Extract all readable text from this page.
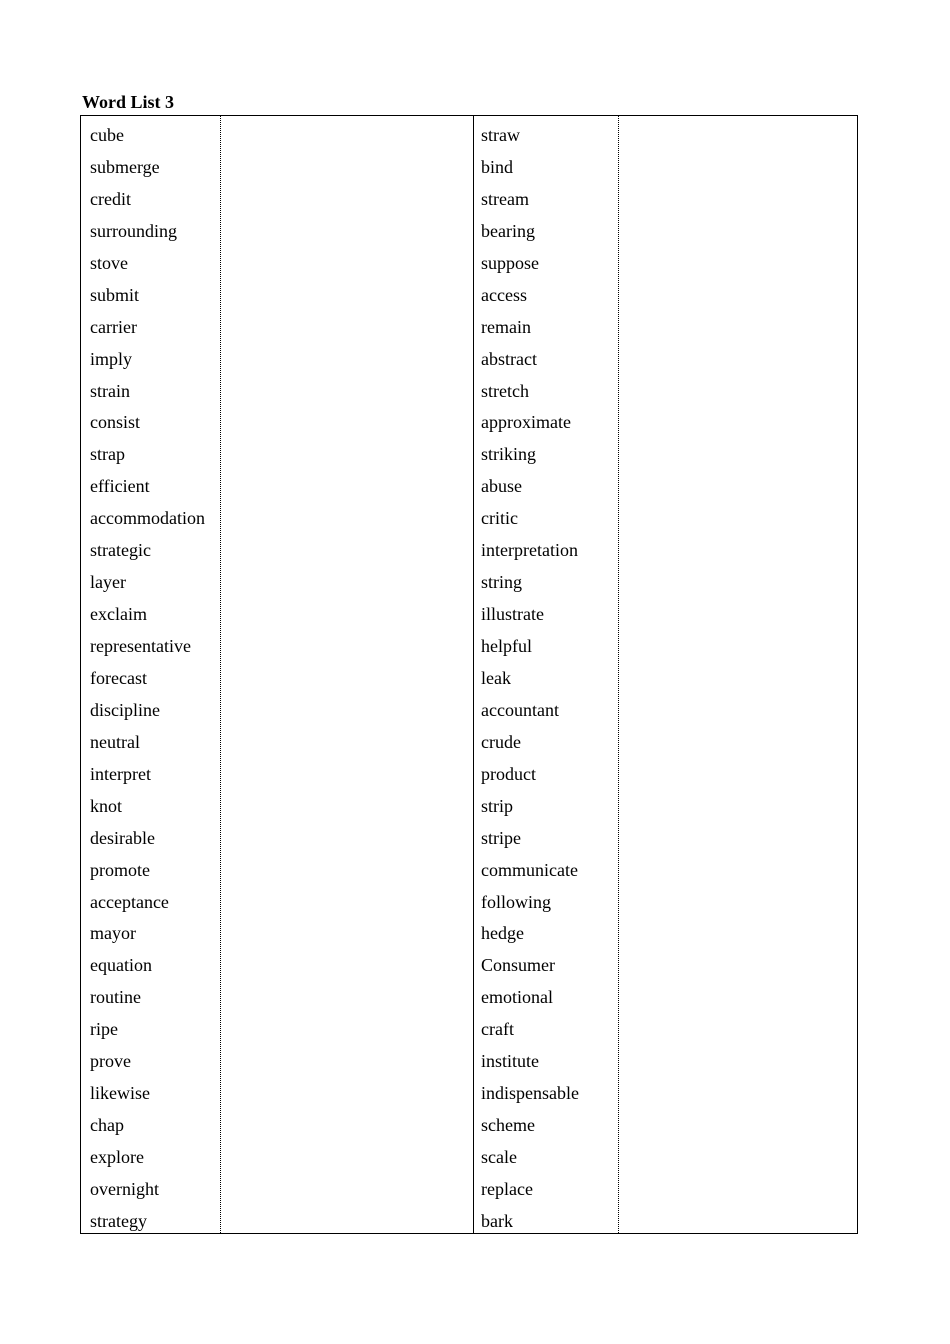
Word List 3
cube
submerge
credit
surrounding
stove
submit
carrier
imply
strain
consist
strap
efficient
accommodation
strategic
layer
exclaim
representative
forecast
discipline
neutral
interpret
knot
desirable
promote
acceptance
mayor
equation
routine
ripe
prove
likewise
chap
explore
overnight
strategy
straw
bind
stream
bearing
suppose
access
remain
abstract
stretch
approximate
striking
abuse
critic
interpretation
string
illustrate
helpful
leak
accountant
crude
product
strip
stripe
communicate
following
hedge
Consumer
emotional
craft
institute
indispensable
scheme
scale
replace
bark
